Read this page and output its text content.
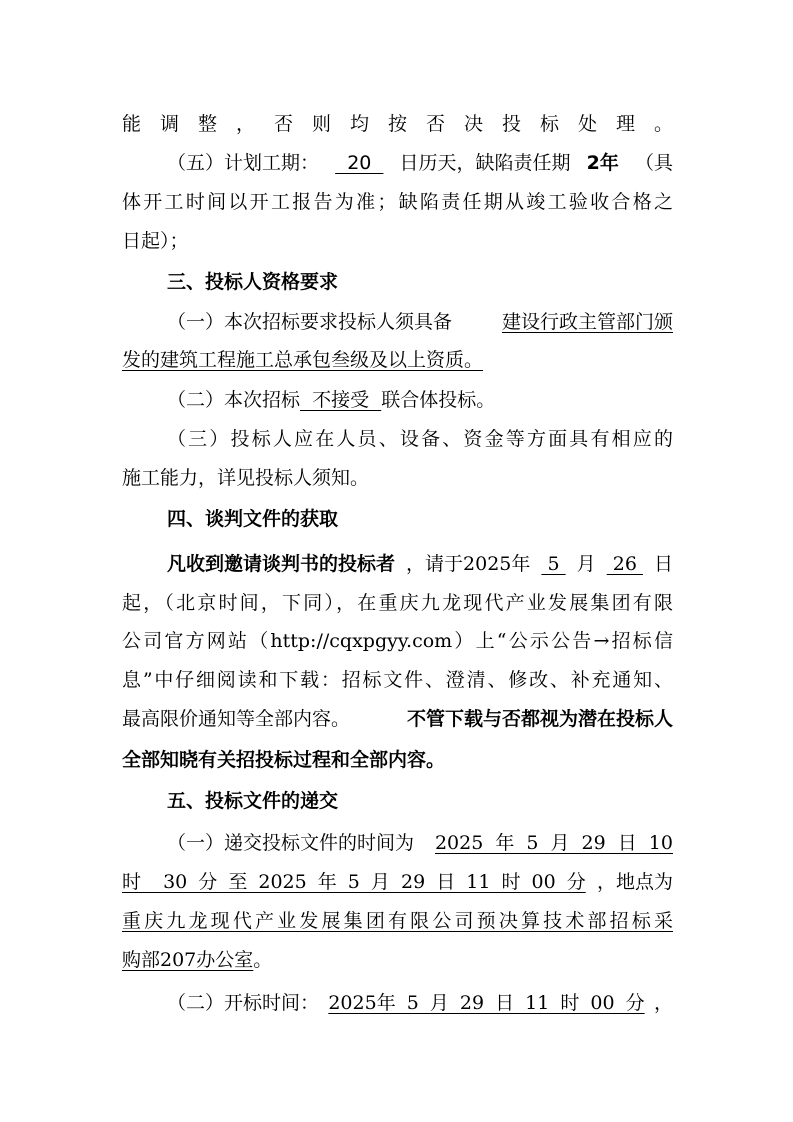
能调整，否则均按否决投标处理。
（五）计划工期： 20 日历天，缺陷责任期 2年 （具
体开工时间以开工报告为准；缺陷责任期从竣工验收合格之
日起）；
三、投标人资格要求
（一）本次招标要求投标人须具备	建设行政主管部门颁
发的建筑工程施工总承包叁级及以上资质。
（二）本次招标  不接受  联合体投标。
（三）投标人应在人员、设备、资金等方面具有相应的
施工能力，详见投标人须知。
四、谈判文件的获取
凡收到邀请谈判书的投标者 ，请于2025年 5 月 26 日
起，（北京时间，下同），在重庆九龙现代产业发展集团有限
公司官方网站（http://cqxpgyy.com）上“公示公告→招标信
息”中仔细阅读和下载：招标文件、澄清、修改、补充通知、
最高限价通知等全部内容。	不管下载与否都视为潜在投标人
全部知晓有关招投标过程和全部内容。
五、投标文件的递交
（一）递交投标文件的时间为 2025 年 5 月 29 日 10
时  30 分 至 2025 年 5 月 29 日 11 时 00 分 ，地点为
重庆九龙现代产业发展集团有限公司预决算技术部招标采
购部207办公室。
（二）开标时间： 2025年 5 月 29 日 11 时 00 分 ，
